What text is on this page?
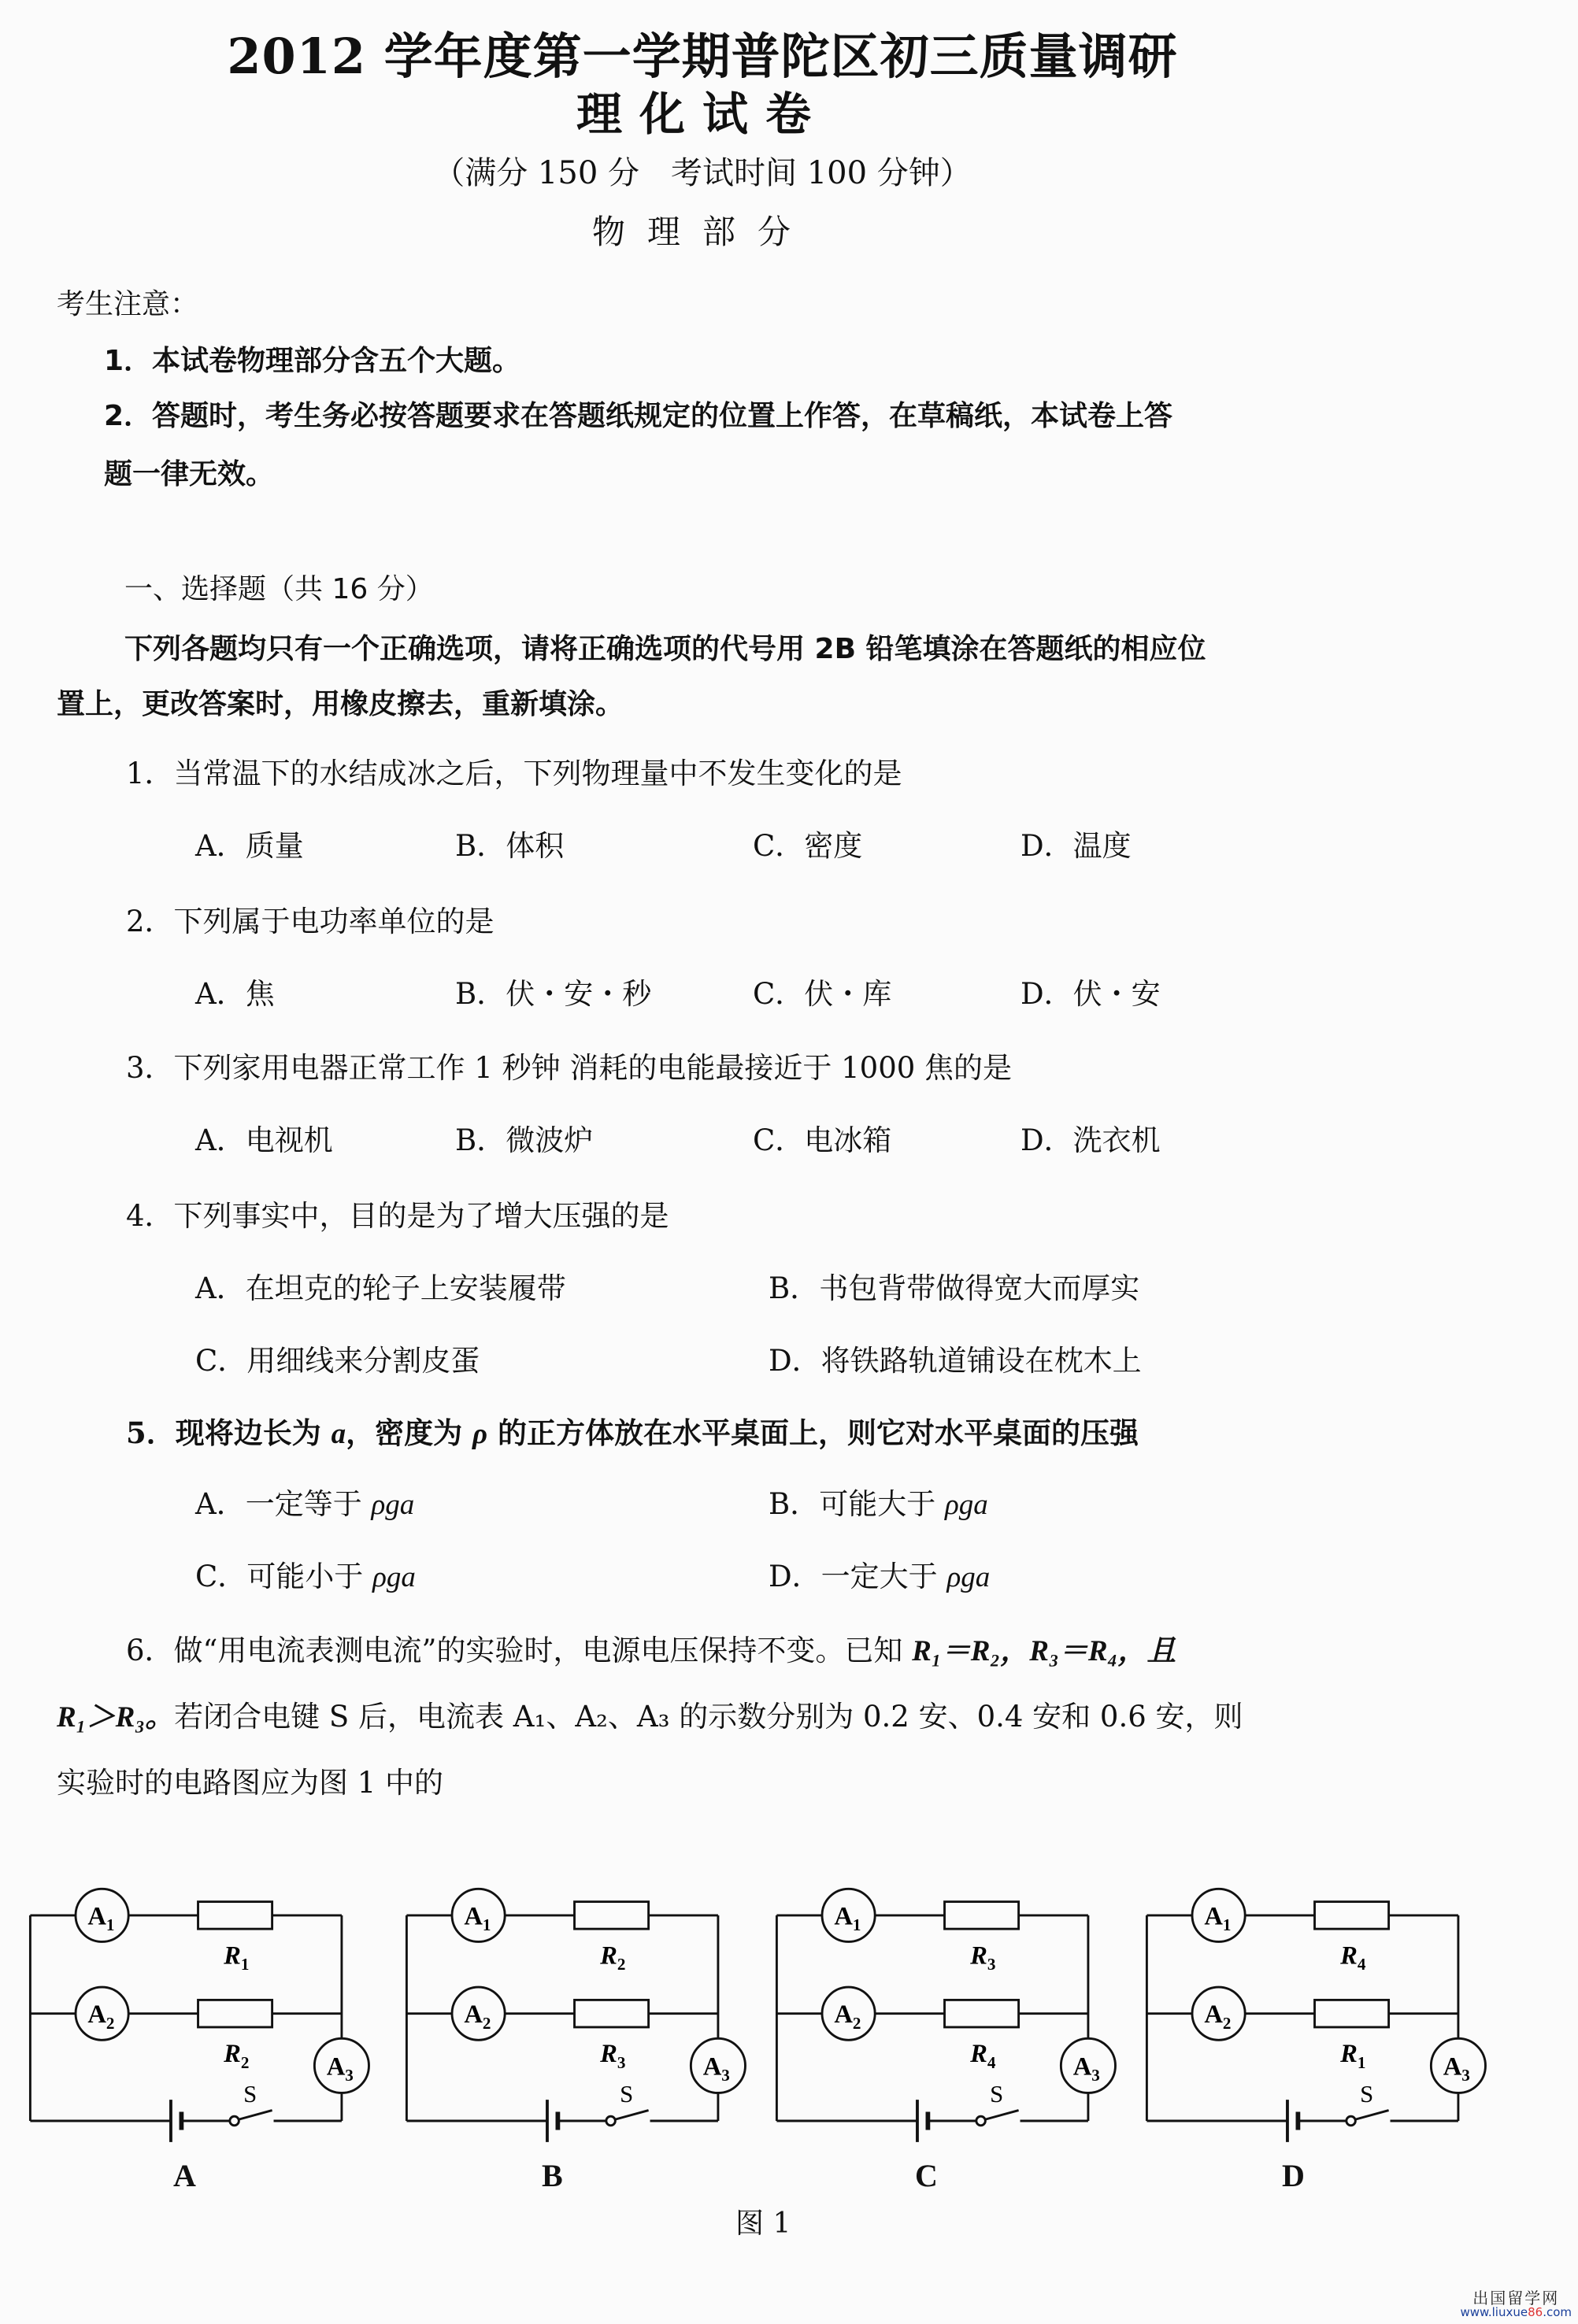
2012 学年度第一学期普陀区初三质量调研
理化试卷
（满分 150 分　考试时间 100 分钟）
物理部分
考生注意：
1．本试卷物理部分含五个大题。
2．答题时，考生务必按答题要求在答题纸规定的位置上作答，在草稿纸，本试卷上答
题一律无效。
一、选择题（共 16 分）
下列各题均只有一个正确选项，请将正确选项的代号用 2B 铅笔填涂在答题纸的相应位
置上，更改答案时，用橡皮擦去，重新填涂。
1．当常温下的水结成冰之后，下列物理量中不发生变化的是
A．质量	B．体积	C．密度	D．温度
2．下列属于电功率单位的是
A．焦	B．伏・安・秒	C．伏・库	D．伏・安
3．下列家用电器正常工作 1 秒钟 消耗的电能最接近于 1000 焦的是
A．电视机	B．微波炉	C．电冰箱	D．洗衣机
4．下列事实中，目的是为了增大压强的是
A．在坦克的轮子上安装履带	B．书包背带做得宽大而厚实
C．用细线来分割皮蛋	D．将铁路轨道铺设在枕木上
5．现将边长为 a，密度为 ρ 的正方体放在水平桌面上，则它对水平桌面的压强
A．一定等于 ρga	B．可能大于 ρga
C．可能小于 ρga	D．一定大于 ρga
6．做“用电流表测电流”的实验时，电源电压保持不变。已知 R₁＝R₂，R₃＝R₄，且
R₁＞R₃。若闭合电键 S 后，电流表 A₁、A₂、A₃ 的示数分别为 0.2 安、0.4 安和 0.6 安，则
实验时的电路图应为图 1 中的
$A_1$
$A_2$
$A_3$
$R_1$
$R_2$
S
A
$A_1$
$A_2$
$A_3$
$R_2$
$R_3$
S
B
$A_1$
$A_2$
$A_3$
$R_3$
$R_4$
S
C
$A_1$
$A_2$
$A_3$
$R_4$
$R_1$
S
D
图 1
出国留学网
www.liuxue86.com
